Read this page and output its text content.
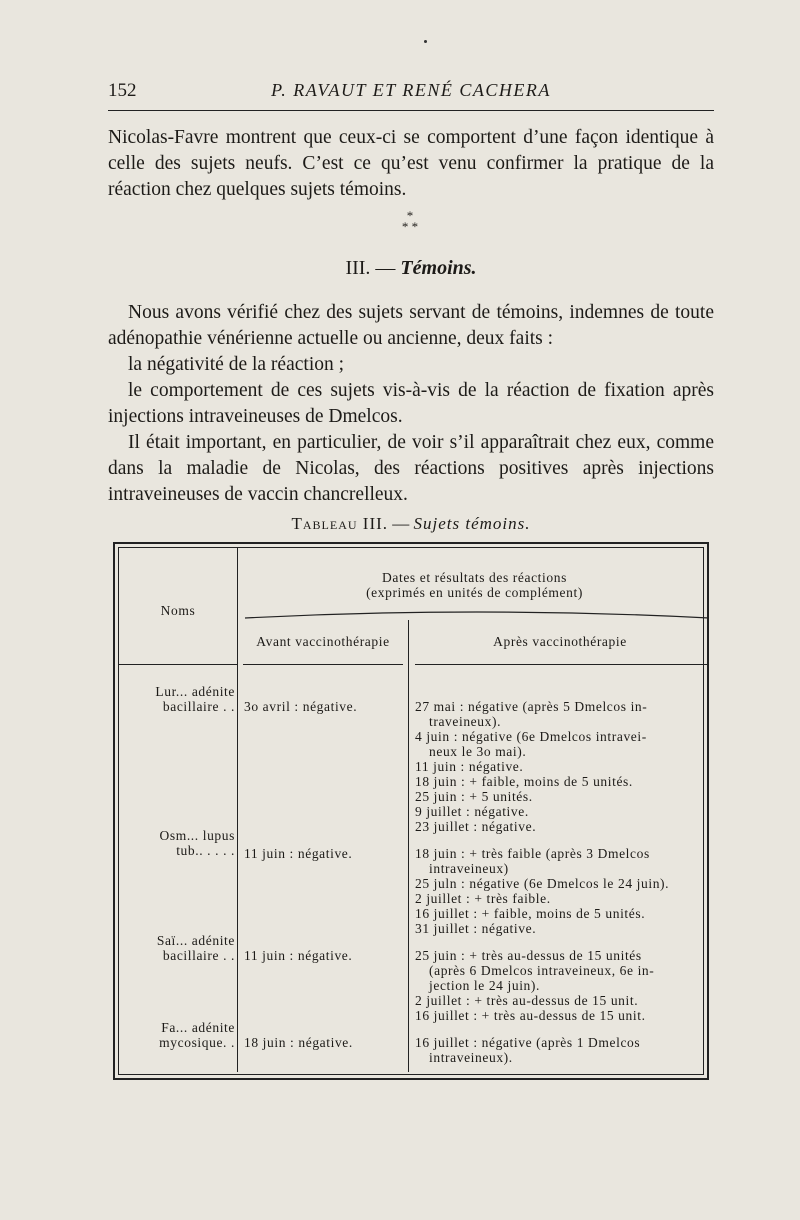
152	P. RAVAUT ET RENÉ CACHERA

Nicolas-Favre montrent que ceux-ci se comportent d’une façon identique à celle des sujets neufs. C’est ce qu’est venu confirmer la pratique de la réaction chez quelques sujets témoins.

*
* *
III. — Témoins.

Nous avons vérifié chez des sujets servant de témoins, indemnes de toute adénopathie vénérienne actuelle ou ancienne, deux faits :

la négativité de la réaction ;

le comportement de ces sujets vis-à-vis de la réaction de fixation après injections intraveineuses de Dmelcos.

Il était important, en particulier, de voir s’il apparaîtrait chez eux, comme dans la maladie de Nicolas, des réactions positives après injections intraveineuses de vaccin chancrelleux.

Tableau III. — Sujets témoins.
Noms
Dates et résultats des réactions
(exprimés en unités de complément)
Avant vaccinothérapie	Après vaccinothérapie
Lur... adénite
bacillaire . . 3o avril : négative.	27 mai : négative (après 5 Dmelcos in-
traveineux).
4 juin : négative (6e Dmelcos intravei-
neux le 3o mai).
11 juin : négative.
18 juin : + faible, moins de 5 unités.
25 juin : + 5 unités.
9 juillet : négative.
23 juillet : négative.
Osm... lupus
tub.. . . . . 11 juin : négative.	18 juin : + très faible (après 3 Dmelcos
intraveineux)
25 juln : négative (6e Dmelcos le 24 juin).
2 juillet : + très faible.
16 juillet : + faible, moins de 5 unités.
31 juillet : négative.
Saï... adénite
bacillaire . . 11 juin : négative.	25 juin : + très au-dessus de 15 unités
(après 6 Dmelcos intraveineux, 6e in-
jection le 24 juin).
2 juillet : + très au-dessus de 15 unit.
16 juillet : + très au-dessus de 15 unit.
Fa... adénite
mycosique. . 18 juin : négative.	16 juillet : négative (après 1 Dmelcos
intraveineux).
